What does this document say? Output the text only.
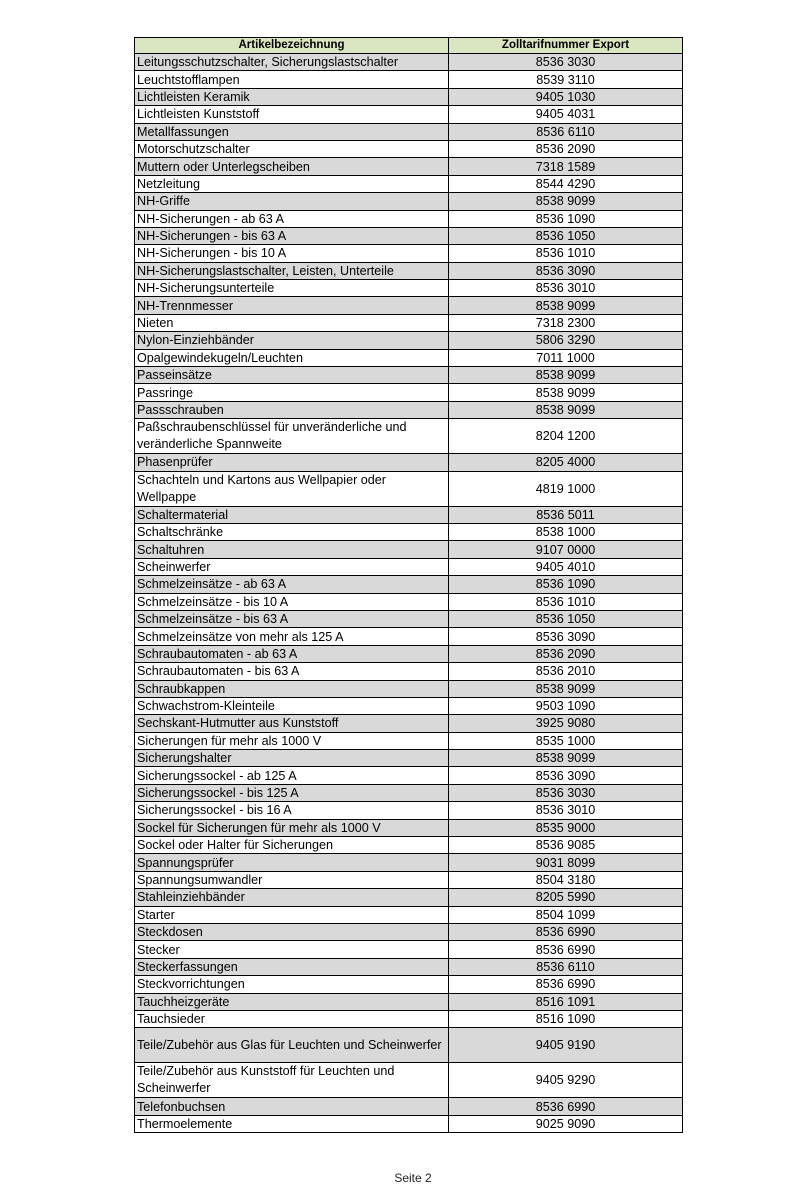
Artikelbezeichnung	Zolltarifnummer Export
Leitungsschutzschalter, Sicherungslastschalter	8536 3030
Leuchtstofflampen	8539 3110
Lichtleisten Keramik	9405 1030
Lichtleisten Kunststoff	9405 4031
Metallfassungen	8536 6110
Motorschutzschalter	8536 2090
Muttern oder Unterlegscheiben	7318 1589
Netzleitung	8544 4290
NH-Griffe	8538 9099
NH-Sicherungen - ab 63 A	8536 1090
NH-Sicherungen - bis 63 A	8536 1050
NH-Sicherungen - bis 10 A	8536 1010
NH-Sicherungslastschalter, Leisten, Unterteile	8536 3090
NH-Sicherungsunterteile	8536 3010
NH-Trennmesser	8538 9099
Nieten	7318 2300
Nylon-Einziehbänder	5806 3290
Opalgewindekugeln/Leuchten	7011 1000
Passeinsätze	8538 9099
Passringe	8538 9099
Passschrauben	8538 9099
Paßschraubenschlüssel für unveränderliche und veränderliche Spannweite	8204 1200
Phasenprüfer	8205 4000
Schachteln und Kartons aus Wellpapier oder Wellpappe	4819 1000
Schaltermaterial	8536 5011
Schaltschränke	8538 1000
Schaltuhren	9107 0000
Scheinwerfer	9405 4010
Schmelzeinsätze - ab 63 A	8536 1090
Schmelzeinsätze - bis 10 A	8536 1010
Schmelzeinsätze - bis 63 A	8536 1050
Schmelzeinsätze von mehr als 125 A	8536 3090
Schraubautomaten - ab 63 A	8536 2090
Schraubautomaten - bis 63 A	8536 2010
Schraubkappen	8538 9099
Schwachstrom-Kleinteile	9503 1090
Sechskant-Hutmutter aus Kunststoff	3925 9080
Sicherungen für mehr als 1000 V	8535 1000
Sicherungshalter	8538 9099
Sicherungssockel - ab 125 A	8536 3090
Sicherungssockel - bis 125 A	8536 3030
Sicherungssockel - bis 16 A	8536 3010
Sockel für Sicherungen für mehr als 1000 V	8535 9000
Sockel oder Halter für Sicherungen	8536 9085
Spannungsprüfer	9031 8099
Spannungsumwandler	8504 3180
Stahleinziehbänder	8205 5990
Starter	8504 1099
Steckdosen	8536 6990
Stecker	8536 6990
Steckerfassungen	8536 6110
Steckvorrichtungen	8536 6990
Tauchheizgeräte	8516 1091
Tauchsieder	8516 1090
Teile/Zubehör aus Glas für Leuchten und Scheinwerfer	9405 9190
Teile/Zubehör aus Kunststoff für Leuchten und Scheinwerfer	9405 9290
Telefonbuchsen	8536 6990
Thermoelemente	9025 9090
Seite 2
